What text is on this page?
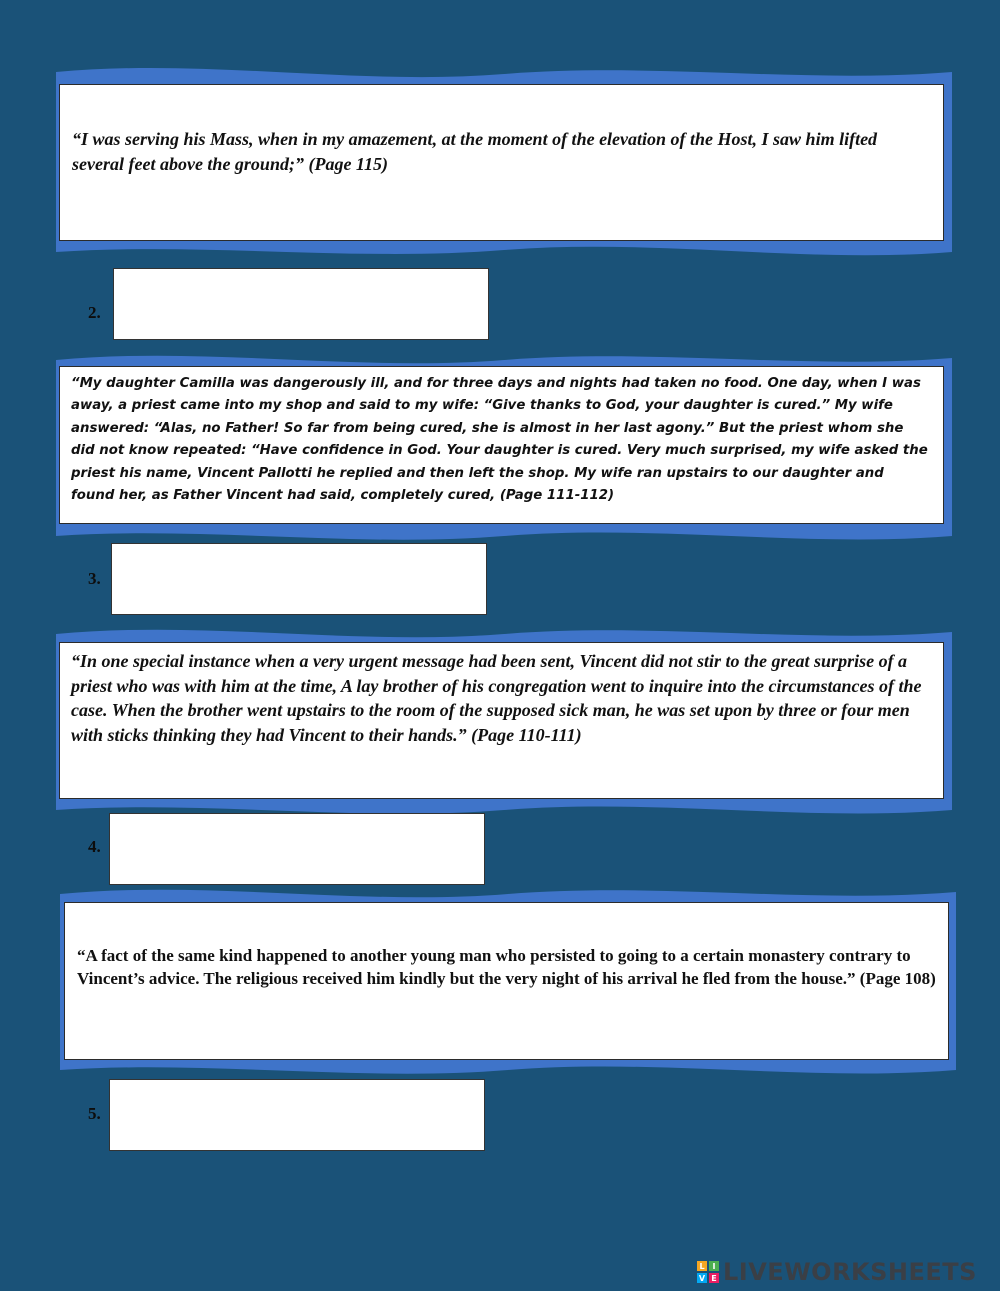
“I was serving his Mass, when in my amazement, at the moment of the elevation of the Host, I saw him lifted several feet above the ground;” (Page 115)

2.

“My daughter Camilla was dangerously ill, and for three days and nights had taken no food. One day, when I was away, a priest came into my shop and said to my wife: “Give thanks to God, your daughter is cured.” My wife answered: “Alas, no Father! So far from being cured, she is almost in her last agony.” But the priest whom she did not know repeated: “Have confidence in God. Your daughter is cured. Very much surprised, my wife asked the priest his name, Vincent Pallotti he replied and then left the shop. My wife ran upstairs to our daughter and found her, as Father Vincent had said, completely cured, (Page 111-112)

3.

“In one special instance when a very urgent message had been sent, Vincent did not stir to the great surprise of a priest who was with him at the time, A lay brother of his congregation went to inquire into the circumstances of the case. When the brother went upstairs to the room of the supposed sick man, he was set upon by three or four men with sticks thinking they had Vincent to their hands.” (Page 110-111)

4.

“A fact of the same kind happened to another young man who persisted to going to a certain monastery contrary to Vincent’s advice. The religious received him kindly but the very night of his arrival he fled from the house.” (Page 108)

5.
L I
V E LIVEWORKSHEETS
